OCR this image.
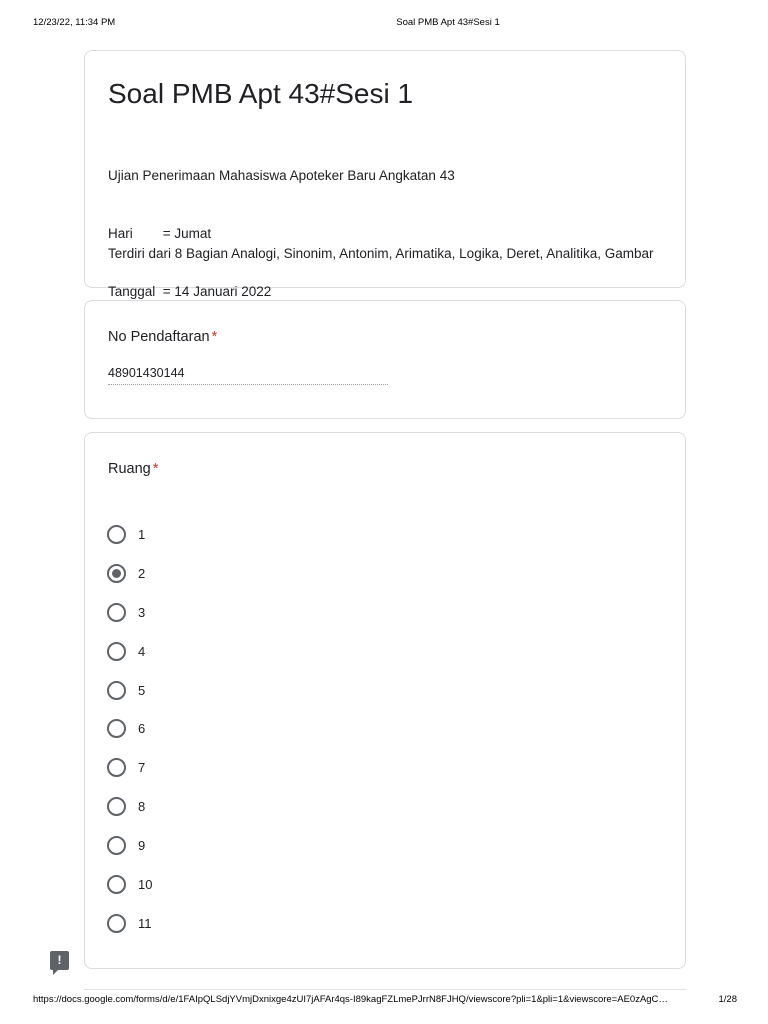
12/23/22, 11:34 PM	Soal PMB Apt 43#Sesi 1
Soal PMB Apt 43#Sesi 1

Ujian Penerimaan Mahasiswa Apoteker Baru Angkatan 43

Hari        = Jumat

Tanggal  = 14 Januari 2022

Terdiri dari 8 Bagian Analogi, Sinonim, Antonim, Arimatika, Logika, Deret, Analitika, Gambar
No Pendaftaran *
48901430144
Ruang *
1
2
3
4
5
6
7
8
9
10
11
!
https://docs.google.com/forms/d/e/1FAIpQLSdjYVmjDxnixge4zUI7jAFAr4qs-I89kagFZLmePJrrN8FJHQ/viewscore?pli=1&pli=1&viewscore=AE0zAgC…	1/28
